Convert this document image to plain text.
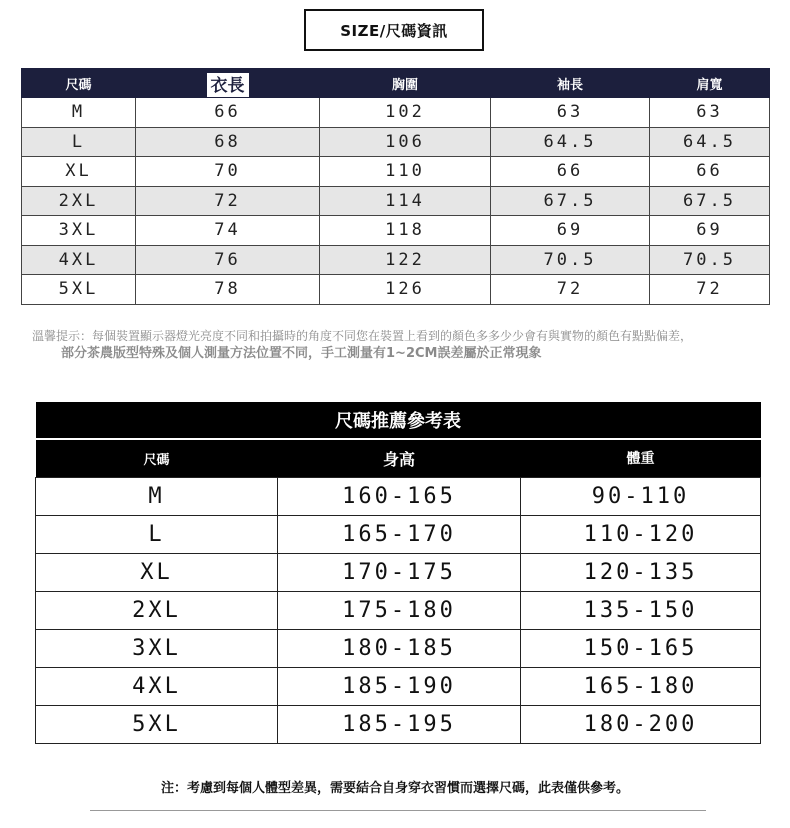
SIZE/尺碼資訊
尺碼	衣長	胸圍	袖長	肩寬
M	66	102	63	63
L	68	106	64.5	64.5
XL	70	110	66	66
2XL	72	114	67.5	67.5
3XL	74	118	69	69
4XL	76	122	70.5	70.5
5XL	78	126	72	72
溫馨提示：每個裝置顯示器燈光亮度不同和拍攝時的角度不同您在裝置上看到的顏色多多少少會有與實物的顏色有點點偏差，
部分茶農版型特殊及個人測量方法位置不同，手工測量有1~2CM誤差屬於正常現象
尺碼推薦參考表		
尺碼	身高	體重
M	160-165	90-110
L	165-170	110-120
XL	170-175	120-135
2XL	175-180	135-150
3XL	180-185	150-165
4XL	185-190	165-180
5XL	185-195	180-200
注：考慮到每個人體型差異，需要結合自身穿衣習慣而選擇尺碼，此表僅供參考。
